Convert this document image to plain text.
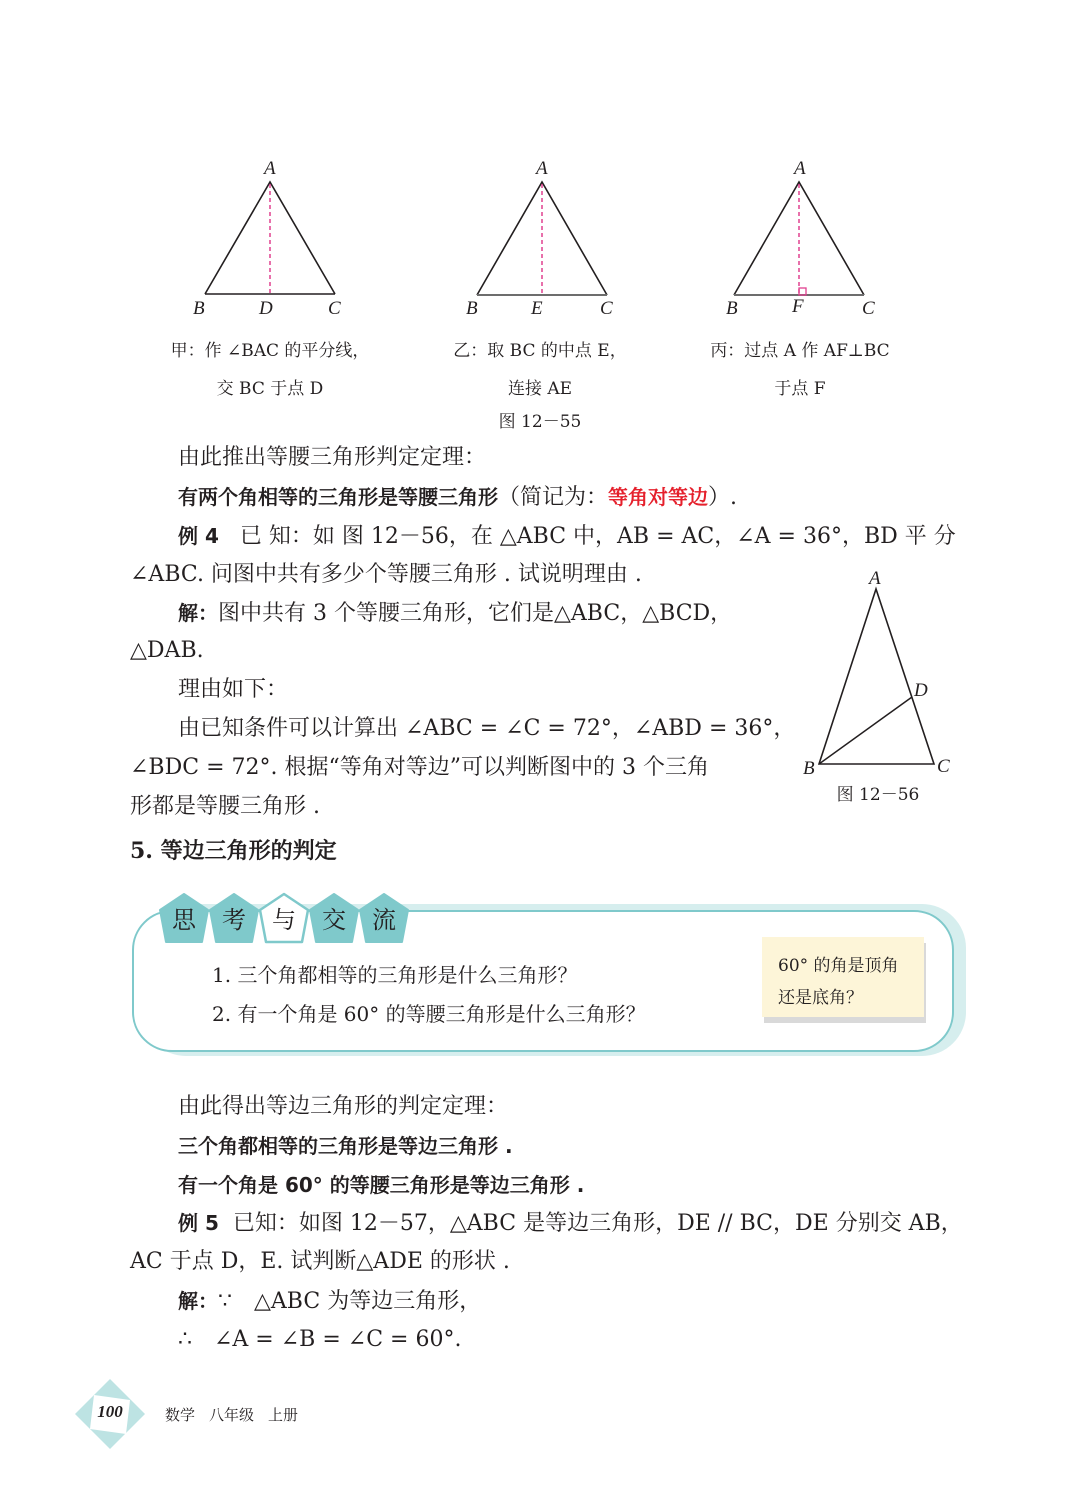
A
B	D	C
A
B	E	C
A
B	F	C
甲：作 ∠BAC 的平分线，
交 BC 于点 D
乙：取 BC 的中点 E，
连接 AE
丙：过点 A 作 AF⊥BC
于点 F
图 12－55
由此推出等腰三角形判定定理：
有两个角相等的三角形是等腰三角形（简记为：等角对等边）.
例 4 已 知：如 图 12－56，在 △ABC 中，AB = AC，∠A = 36°，BD 平 分
∠ABC. 问图中共有多少个等腰三角形 . 试说明理由 .
解：图中共有 3 个等腰三角形，它们是△ABC，△BCD，
△DAB.
理由如下：
由已知条件可以计算出 ∠ABC = ∠C = 72°，∠ABD = 36°，
∠BDC = 72°. 根据“等角对等边”可以判断图中的 3 个三角
形都是等腰三角形 .
A
D
B	C
图 12－56
5. 等边三角形的判定
思	考	与	交	流
1. 三个角都相等的三角形是什么三角形？
2. 有一个角是 60° 的等腰三角形是什么三角形？
60° 的角是顶角
还是底角？
由此得出等边三角形的判定定理：
三个角都相等的三角形是等边三角形 .
有一个角是 60° 的等腰三角形是等边三角形 .
例 5 已知：如图 12－57，△ABC 是等边三角形，DE // BC，DE 分别交 AB，
AC 于点 D，E. 试判断△ADE 的形状 .
解：∵　△ABC 为等边三角形，
∴　∠A = ∠B = ∠C = 60°.
100	数学 八年级 上册
